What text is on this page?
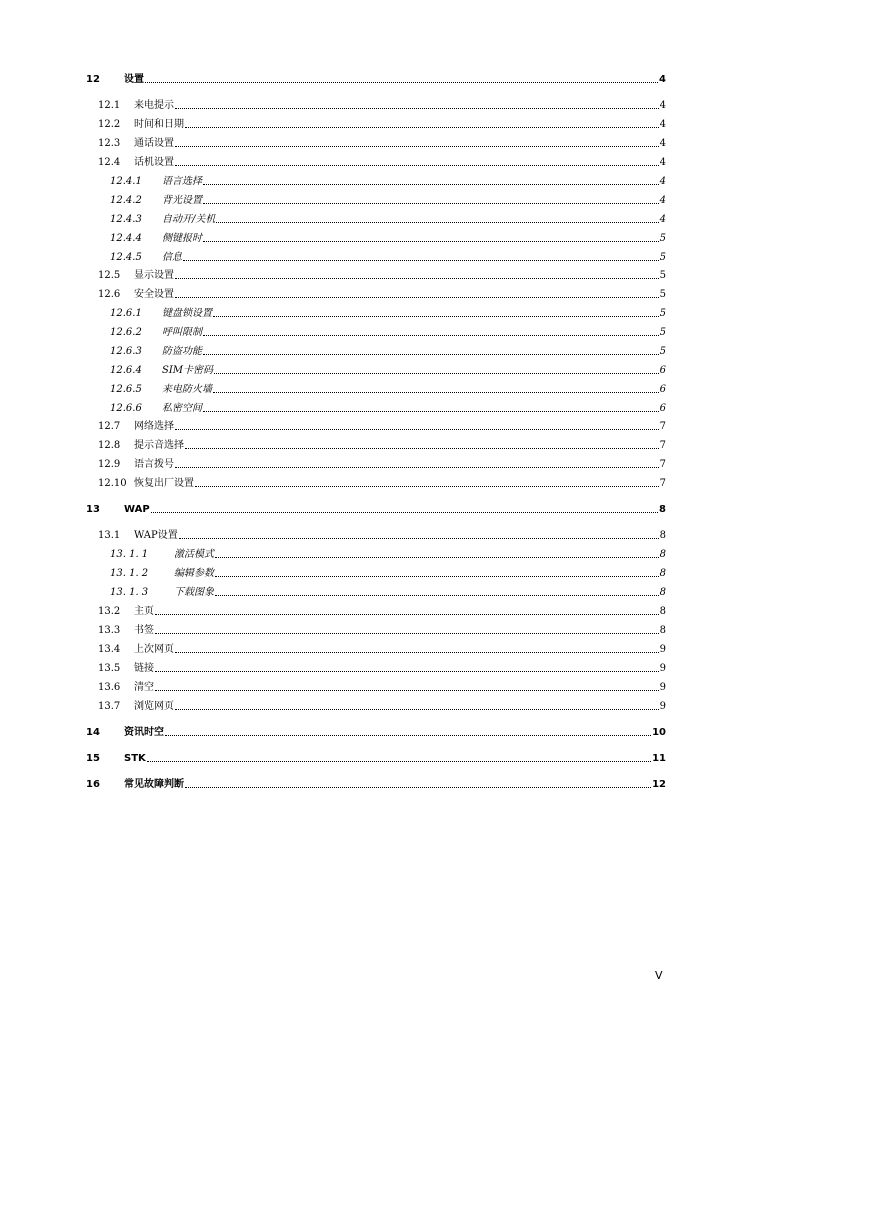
12	设置	4
12.1	来电提示	4
12.2	时间和日期	4
12.3	通话设置	4
12.4	话机设置	4
12.4.1	语言选择	4
12.4.2	背光设置	4
12.4.3	自动开/关机	4
12.4.4	侧键报时	5
12.4.5	信息	5
12.5	显示设置	5
12.6	安全设置	5
12.6.1	键盘锁设置	5
12.6.2	呼叫限制	5
12.6.3	防盗功能	5
12.6.4	SIM卡密码	6
12.6.5	来电防火墙	6
12.6.6	私密空间	6
12.7	网络选择	7
12.8	提示音选择	7
12.9	语言拨号	7
12.10 恢复出厂设置	7
13	WAP	8
13.1	WAP设置	8
13. 1. 1	激活模式	8
13. 1. 2	编辑参数	8
13. 1. 3	下载图象	8
13.2	主页	8
13.3	书签	8
13.4	上次网页	9
13.5	链接	9
13.6	清空	9
13.7	浏览网页	9
14	资讯时空	10
15	STK	11
16	常见故障判断	12
V
